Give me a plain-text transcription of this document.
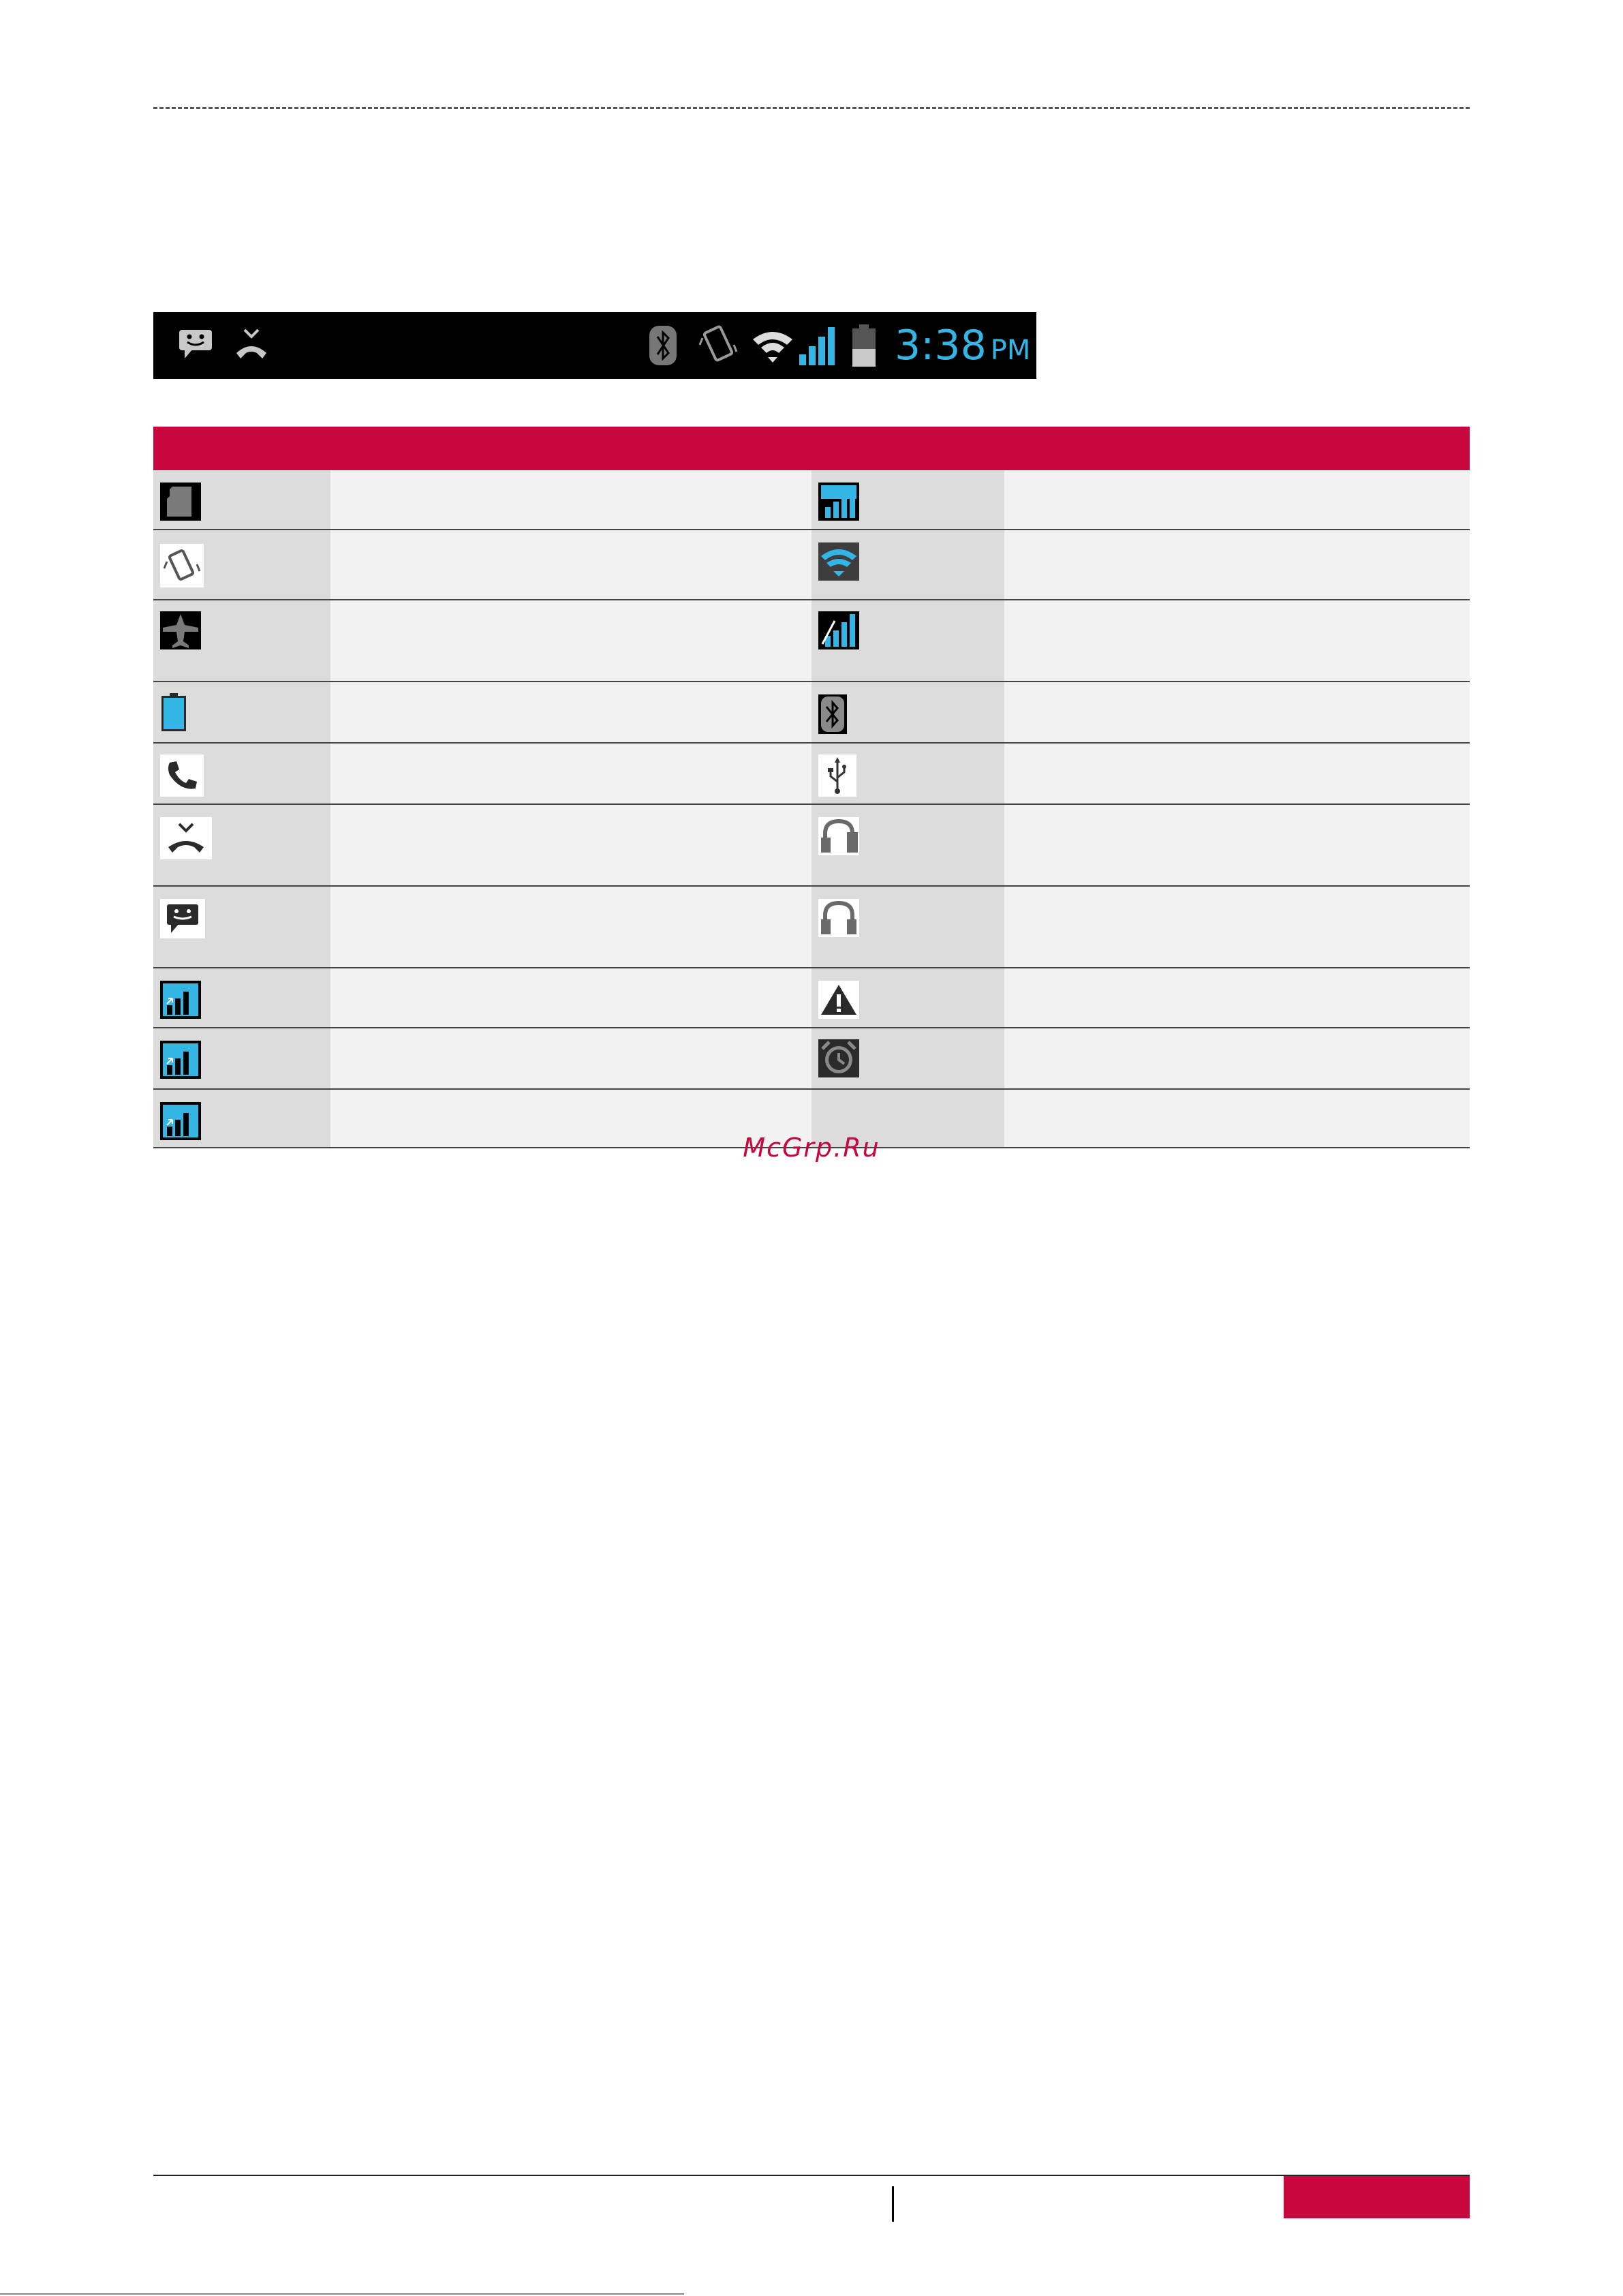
3:38 PM
McGrp.Ru
